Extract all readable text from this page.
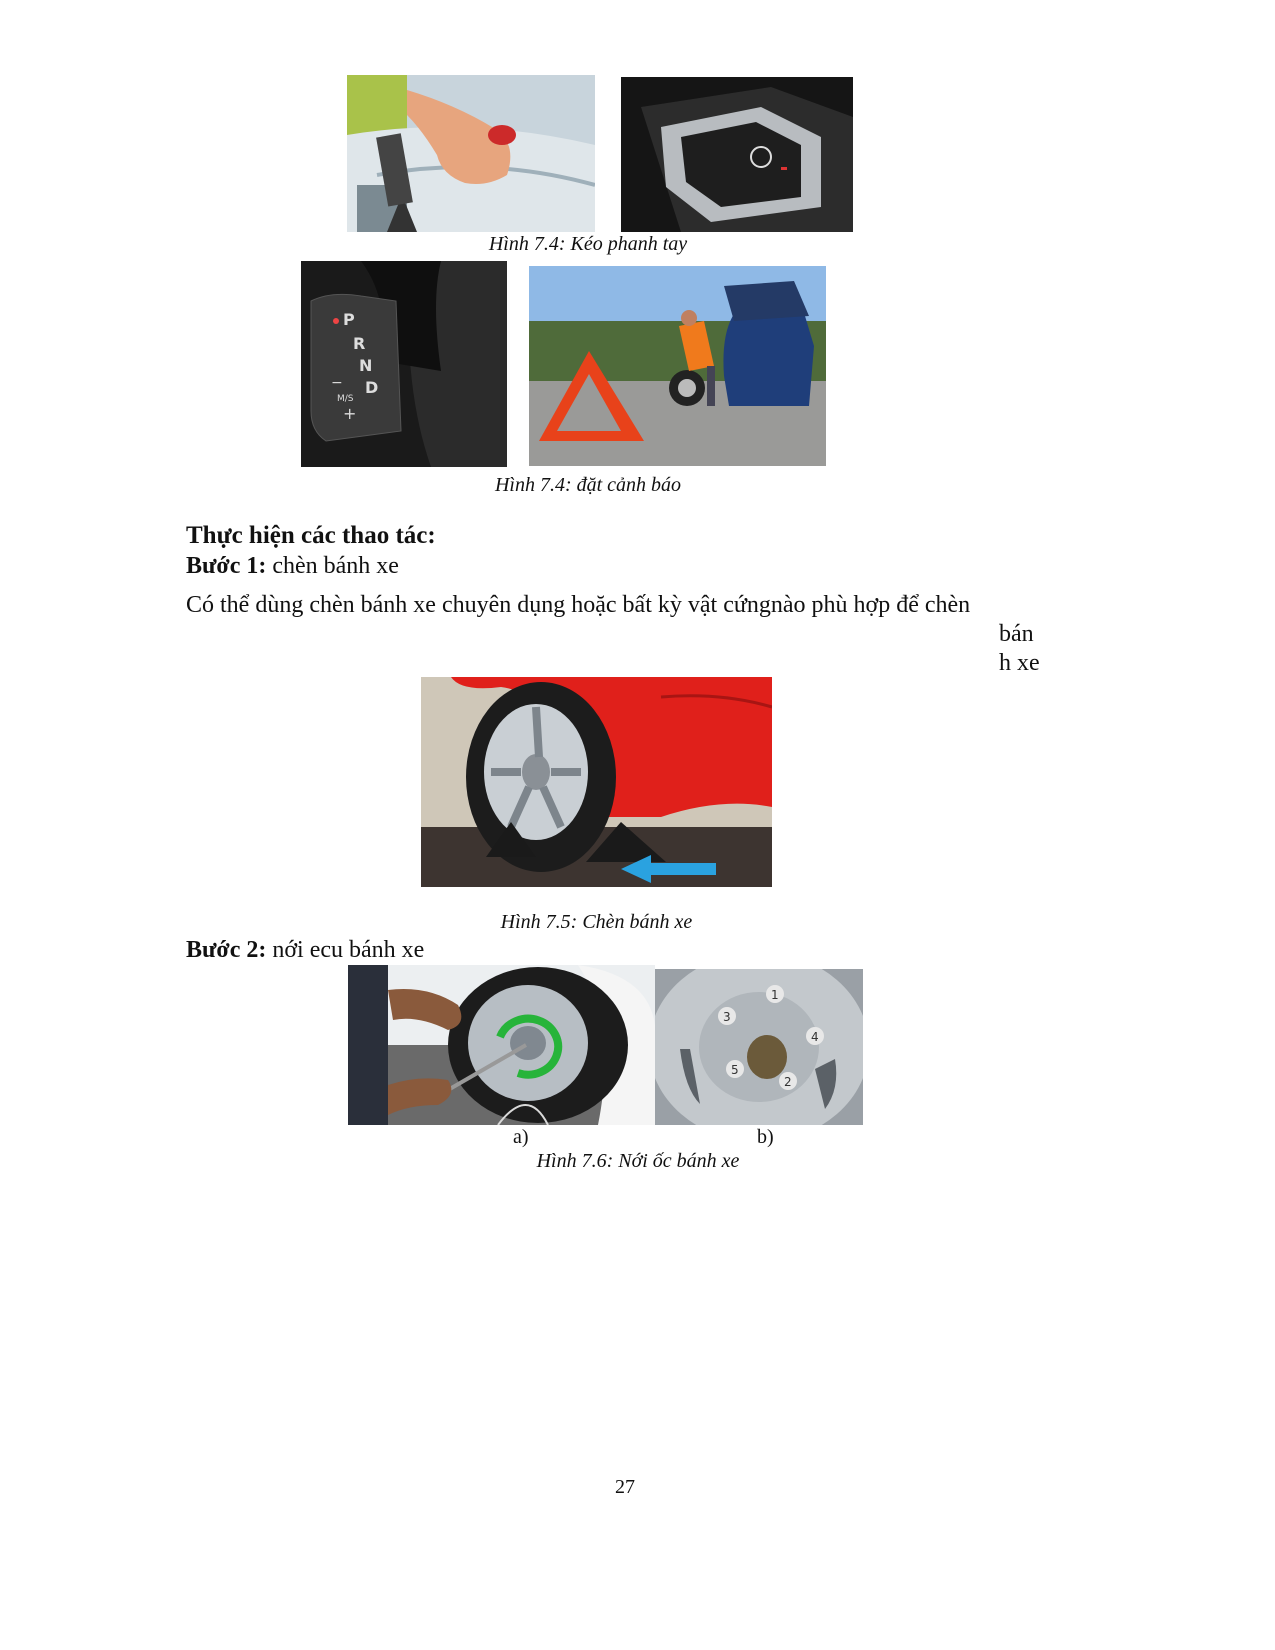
Hình 7.4: Kéo phanh tay
P
R
N
D
M/S
−
+
Hình 7.4: đặt cảnh báo
Thực hiện các thao tác:
Bước 1: chèn bánh xe
Có thể dùng chèn bánh xe chuyên dụng hoặc bất kỳ vật cứngnào phù hợp để chèn
bán
h xe
Hình 7.5: Chèn bánh xe
Bước 2: nới ecu bánh xe
1
2
3
4
5
a)	b)
Hình 7.6: Nới ốc bánh xe
27
